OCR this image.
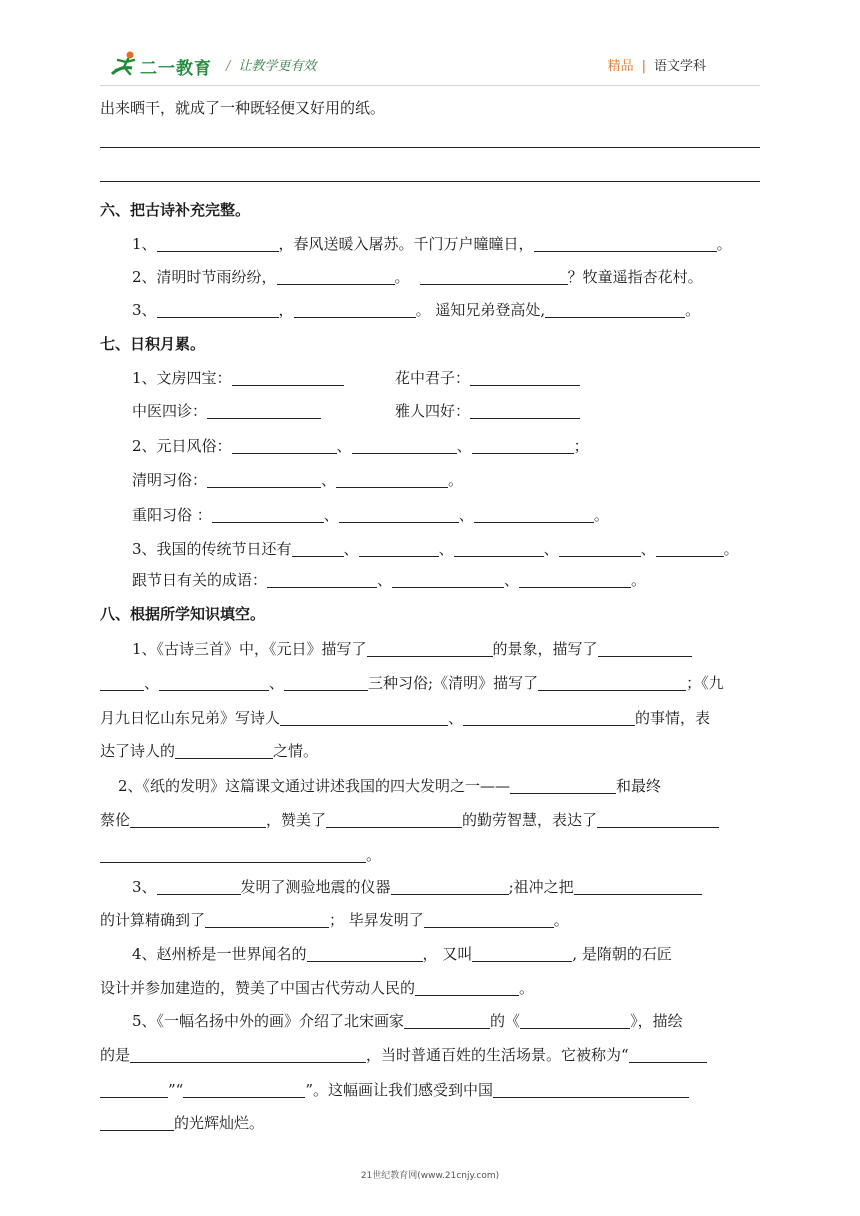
二一教育 / 让教学更有效	精品 | 语文学科
出来晒干，就成了一种既轻便又好用的纸。
六、把古诗补充完整。
1、	，春风送暖入屠苏。千门万户曈曈日，	。
2、清明时节雨纷纷，	。	？牧童遥指杏花村。
3、	，	。 遥知兄弟登高处,	。
七、日积月累。
1、文房四宝：	花中君子：
中医四诊：	雅人四好：
2、元日风俗：	、	、	；
清明习俗：	、	。
重阳习俗 ：	、	、	。
3、我国的传统节日还有	、	、	、	、	。
跟节日有关的成语：	、	、	。
八、根据所学知识填空。
1、《古诗三首》中，《元日》描写了	的景象，描写了
、	、	三种习俗;《清明》描写了	；《九
月九日忆山东兄弟》写诗人	、	的事情，表
达了诗人的	之情。
2、《纸的发明》这篇课文通过讲述我国的四大发明之一——	和最终
蔡伦	，赞美了	的勤劳智慧，表达了
。
3、	发明了测验地震的仪器	;祖冲之把
的计算精确到了	； 毕昇发明了	。
4、赵州桥是一世界闻名的	， 又叫	, 是隋朝的石匠
设计并参加建造的，赞美了中国古代劳动人民的	。
5、《一幅名扬中外的画》介绍了北宋画家	的《	》，描绘
的是	，当时普通百姓的生活场景。它被称为“
”“	”。这幅画让我们感受到中国
的光辉灿烂。
21世纪教育网(www.21cnjy.com)
